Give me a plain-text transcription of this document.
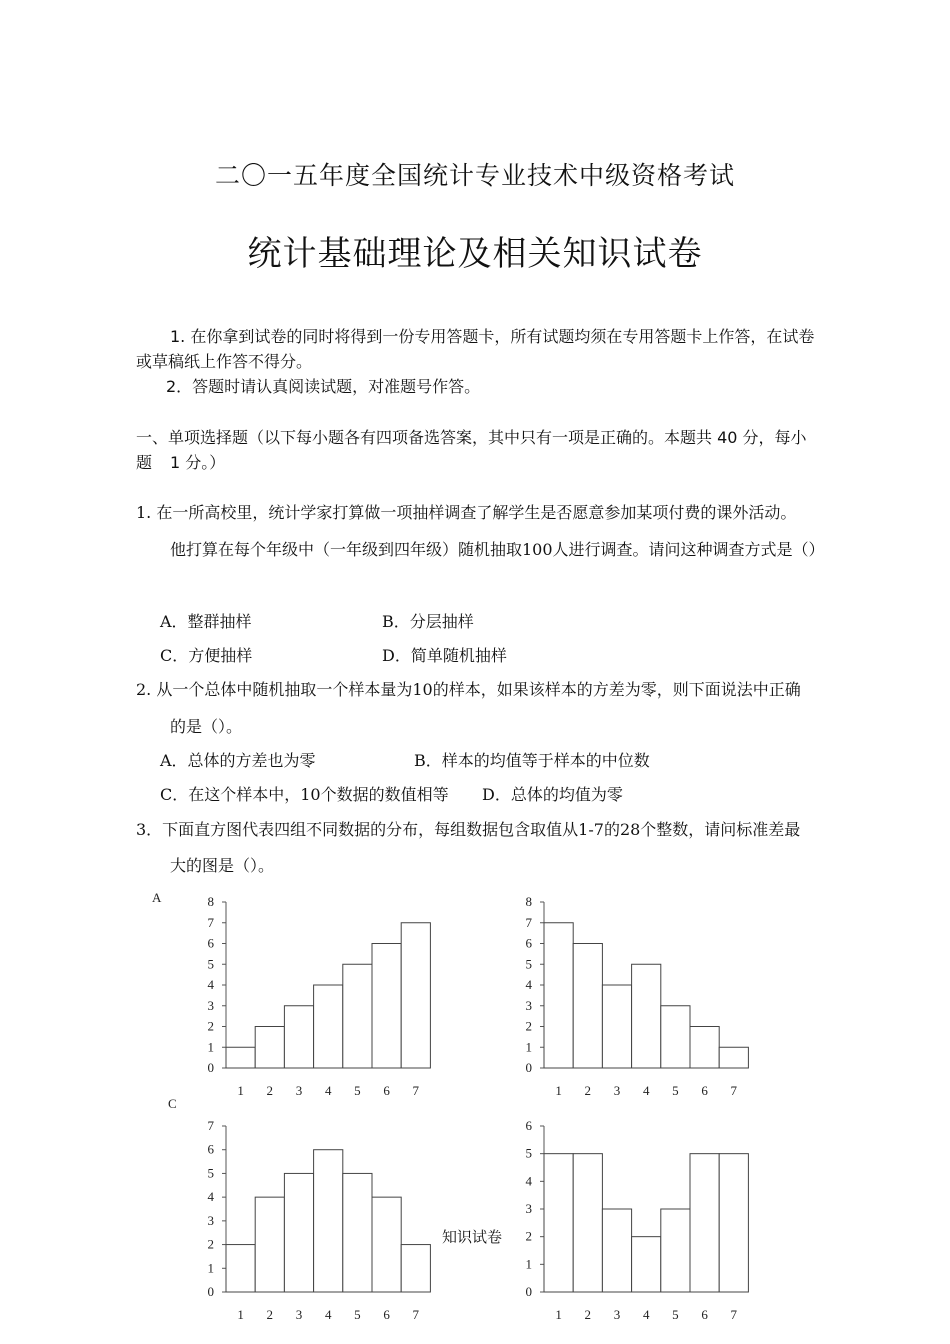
二〇一五年度全国统计专业技术中级资格考试
统计基础理论及相关知识试卷
1. 在你拿到试卷的同时将得到一份专用答题卡，所有试题均须在专用答题卡上作答，在试卷或草稿纸上作答不得分。
2．答题时请认真阅读试题，对准题号作答。
一、单项选择题（以下每小题各有四项备选答案，其中只有一项是正确的。本题共 40 分，每小题	1 分。）
1. 在一所高校里，统计学家打算做一项抽样调查了解学生是否愿意参加某项付费的课外活动。
他打算在每个年级中（一年级到四年级）随机抽取100人进行调查。请问这种调查方式是（）
A．整群抽样	B．分层抽样
C．方便抽样	D．简单随机抽样
2. 从一个总体中随机抽取一个样本量为10的样本，如果该样本的方差为零，则下面说法中正确
的是（）。
A．总体的方差也为零	B．样本的均值等于样本的中位数
C．在这个样本中，10个数据的数值相等 D．总体的均值为零
3．下面直方图代表四组不同数据的分布，每组数据包含取值从1-7的28个整数，请问标准差最
大的图是（）。
0
1
2
3
4
5
6
7
8
1 2 3 4 5 6 7
A
0
1
2
3
4
5
6
7
8
1 2 3 4 5 6 7
0
1
2
3
4
5
6
7
1 2 3 4 5 6 7
C
0
1
2
3
4
5
6
1 2 3 4 5 6 7
知识试卷
